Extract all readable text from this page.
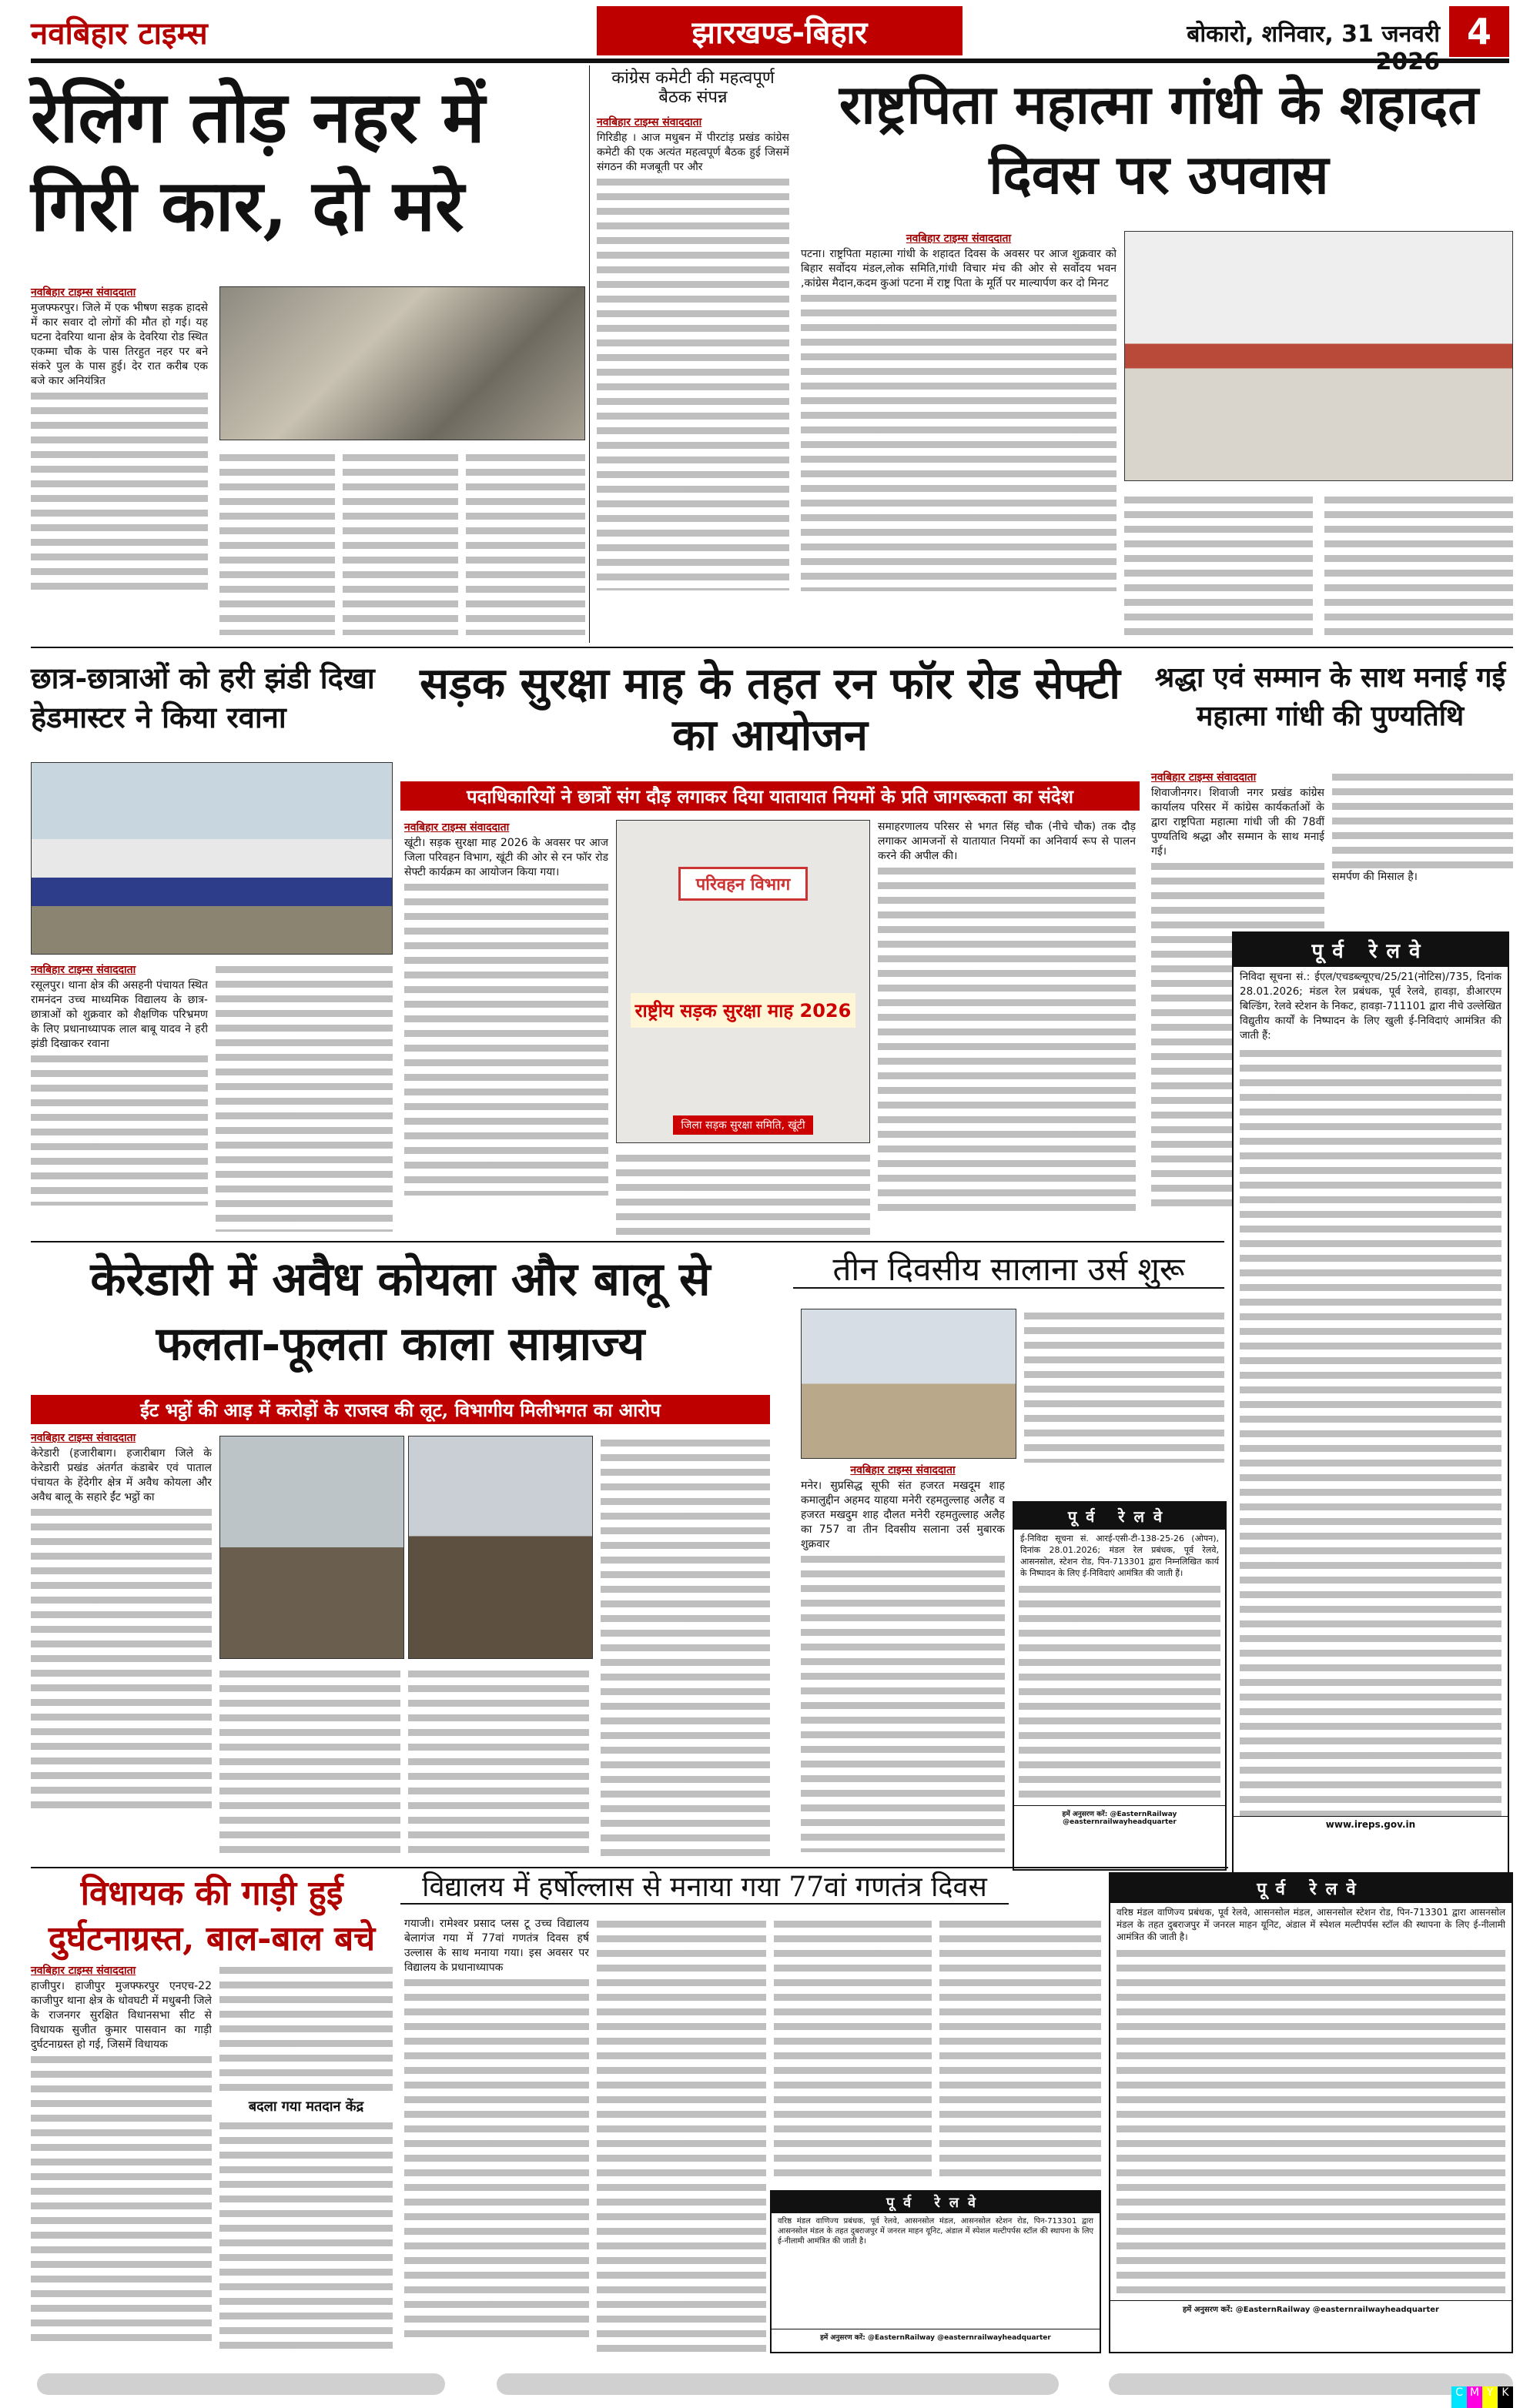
नवबिहार टाइम्स	झारखण्ड-बिहार	बोकारो, शनिवार, 31 जनवरी 4
रेलिंग तोड़ नहर में गिरी कार, दो मरे
नवबिहार टाइम्स संवाददाता
मुजफ्फरपुर। जिले में एक भीषण सड़क हादसे में कार सवार दो लोगों की मौत हो गई। यह घटना देवरिया थाना क्षेत्र के देवरिया रोड स्थित एकम्मा चौक के पास तिरहुत नहर पर बने संकरे पुल के पास हुई। देर रात करीब एक बजे कार अनियंत्रित
कांग्रेस कमेटी की महत्वपूर्ण बैठक संपन्न
नवबिहार टाइम्स संवाददाता
गिरिडीह । आज मधुबन में पीरटांड़ प्रखंड कांग्रेस कमेटी की एक अत्यंत महत्वपूर्ण बैठक हुई जिसमें संगठन की मजबूती पर और
राष्ट्रपिता महात्मा गांधी के शहादत दिवस पर उपवास
नवबिहार टाइम्स संवाददाता
पटना। राष्ट्रपिता महात्मा गांधी के शहादत दिवस के अवसर पर आज शुक्रवार को बिहार सर्वोदय मंडल,लोक समिति,गांधी विचार मंच की ओर से सर्वोदय भवन ,कांग्रेस मैदान,कदम कुआं पटना में राष्ट्र पिता के मूर्ति पर माल्यार्पण कर दो मिनट
छात्र-छात्राओं को हरी झंडी दिखा हेडमास्टर ने किया रवाना
नवबिहार टाइम्स संवाददाता
रसूलपुर। थाना क्षेत्र की असहनी पंचायत स्थित रामनंदन उच्च माध्यमिक विद्यालय के छात्र-छात्राओं को शुक्रवार को शैक्षणिक परिभ्रमण के लिए प्रधानाध्यापक लाल बाबू यादव ने हरी झंडी दिखाकर रवाना
सड़क सुरक्षा माह के तहत रन फॉर रोड सेफ्टी का आयोजन
पदाधिकारियों ने छात्रों संग दौड़ लगाकर दिया यातायात नियमों के प्रति जागरूकता का संदेश
नवबिहार टाइम्स संवाददाता
खूंटी। सड़क सुरक्षा माह 2026 के अवसर पर आज जिला परिवहन विभाग, खूंटी की ओर से रन फॉर रोड सेफ्टी कार्यक्रम का आयोजन किया गया।
परिवहन विभाग
राष्ट्रीय सड़क सुरक्षा माह 2026
जिला सड़क सुरक्षा समिति, खूंटी
समाहरणालय परिसर से भगत सिंह चौक (नीचे चौक) तक दौड़ लगाकर आमजनों से यातायात नियमों का अनिवार्य रूप से पालन करने की अपील की।
श्रद्धा एवं सम्मान के साथ मनाई गई महात्मा गांधी की पुण्यतिथि
नवबिहार टाइम्स संवाददाता
शिवाजीनगर। शिवाजी नगर प्रखंड कांग्रेस कार्यालय परिसर में कांग्रेस कार्यकर्ताओं के द्वारा राष्ट्रपिता महात्मा गांधी जी की 78वीं पुण्यतिथि श्रद्धा और सम्मान के साथ मनाई गई।
समर्पण की मिसाल है।
पूर्व रेलवे
निविदा सूचना सं.: ईएल/एचडब्ल्यूएच/25/21(नोटिस)/735, दिनांक 28.01.2026; मंडल रेल प्रबंधक, पूर्व रेलवे, हावड़ा, डीआरएम बिल्डिंग, रेलवे स्टेशन के निकट, हावड़ा-711101 द्वारा नीचे उल्लेखित विद्युतीय कार्यों के निष्पादन के लिए खुली ई-निविदाएं आमंत्रित की जाती हैं:
www.ireps.gov.in
केरेडारी में अवैध कोयला और बालू से फलता-फूलता काला साम्राज्य
ईंट भट्ठों की आड़ में करोड़ों के राजस्व की लूट, विभागीय मिलीभगत का आरोप
नवबिहार टाइम्स संवाददाता
केरेडारी (हजारीबाग। हजारीबाग जिले के केरेडारी प्रखंड अंतर्गत कंडाबेर एवं पाताल पंचायत के हेंदेगीर क्षेत्र में अवैध कोयला और अवैध बालू के सहारे ईंट भट्ठों का
तीन दिवसीय सालाना उर्स शुरू
नवबिहार टाइम्स संवाददाता
मनेर। सुप्रसिद्ध सूफी संत हजरत मखदूम शाह कमालुद्दीन अहमद याहया मनेरी रहमतुल्लाह अलैह व हजरत मखदुम शाह दौलत मनेरी रहमतुल्लाह अलैह का 757 वा तीन दिवसीय सलाना उर्स मुबारक शुक्रवार
पूर्व रेलवे
ई-निविदा सूचना सं. आरई-एसी-टी-138-25-26 (ओपन), दिनांक 28.01.2026; मंडल रेल प्रबंधक, पूर्व रेलवे, आसनसोल, स्टेशन रोड, पिन-713301 द्वारा निम्नलिखित कार्य के निष्पादन के लिए ई-निविदाएं आमंत्रित की जाती हैं।
हमें अनुसरण करें: @EasternRailway @easternrailwayheadquarter
विधायक की गाड़ी हुई दुर्घटनाग्रस्त, बाल-बाल बचे
नवबिहार टाइम्स संवाददाता
हाजीपुर। हाजीपुर मुजफ्फरपुर एनएच-22 काजीपुर थाना क्षेत्र के धोवघटी में मधुबनी जिले के राजनगर सुरक्षित विधानसभा सीट से विधायक सुजीत कुमार पासवान का गाड़ी दुर्घटनाग्रस्त हो गई, जिसमें विधायक
बदला गया मतदान केंद्र
विद्यालय में हर्षोल्लास से मनाया गया 77वां गणतंत्र दिवस
गयाजी। रामेश्वर प्रसाद प्लस टू उच्च विद्यालय बेलागंज गया में 77वां गणतंत्र दिवस हर्ष उल्लास के साथ मनाया गया। इस अवसर पर विद्यालय के प्रधानाध्यापक
पूर्व रेलवे
वरिष्ठ मंडल वाणिज्य प्रबंधक, पूर्व रेलवे, आसनसोल मंडल, आसनसोल स्टेशन रोड, पिन-713301 द्वारा आसनसोल मंडल के तहत दुबराजपुर में जनरल माहन यूनिट, अंडाल में स्पेशल मल्टीपर्पस स्टॉल की स्थापना के लिए ई-नीलामी आमंत्रित की जाती है।
हमें अनुसरण करें: @EasternRailway @easternrailwayheadquarter
पूर्व रेलवे
वरिष्ठ मंडल वाणिज्य प्रबंधक, पूर्व रेलवे, आसनसोल मंडल, आसनसोल स्टेशन रोड, पिन-713301 द्वारा आसनसोल मंडल के तहत दुबराजपुर में जनरल माहन यूनिट, अंडाल में स्पेशल मल्टीपर्पस स्टॉल की स्थापना के लिए ई-नीलामी आमंत्रित की जाती है।
हमें अनुसरण करें: @EasternRailway @easternrailwayheadquarter
C M Y K
